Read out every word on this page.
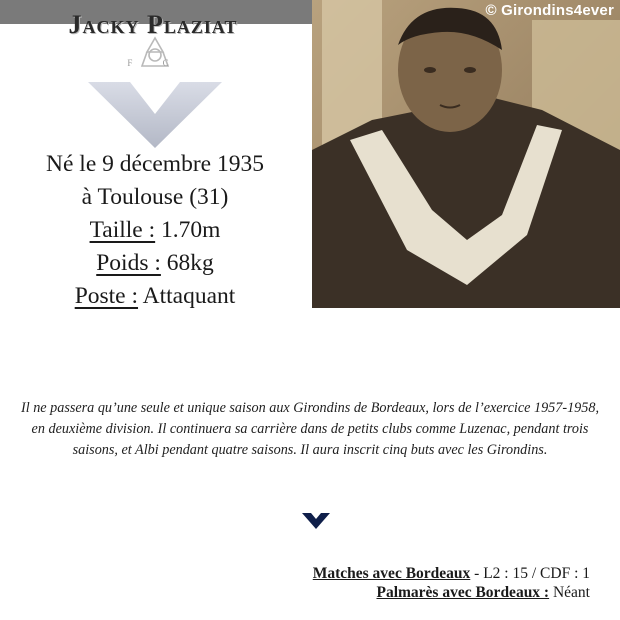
© Girondins4ever
Jacky Plaziat
F C
Né le 9 décembre 1935
à Toulouse (31)
Taille : 1.70m
Poids : 68kg
Poste : Attaquant
Il ne passera qu’une seule et unique saison aux Girondins de Bordeaux, lors de l’exercice 1957-1958, en deuxième division. Il continuera sa carrière dans de petits clubs comme Luzenac, pendant trois saisons, et Albi pendant quatre saisons. Il aura inscrit cinq buts avec les Girondins.
Matches avec Bordeaux - L2 : 15 / CDF : 1
Palmarès avec Bordeaux : Néant
